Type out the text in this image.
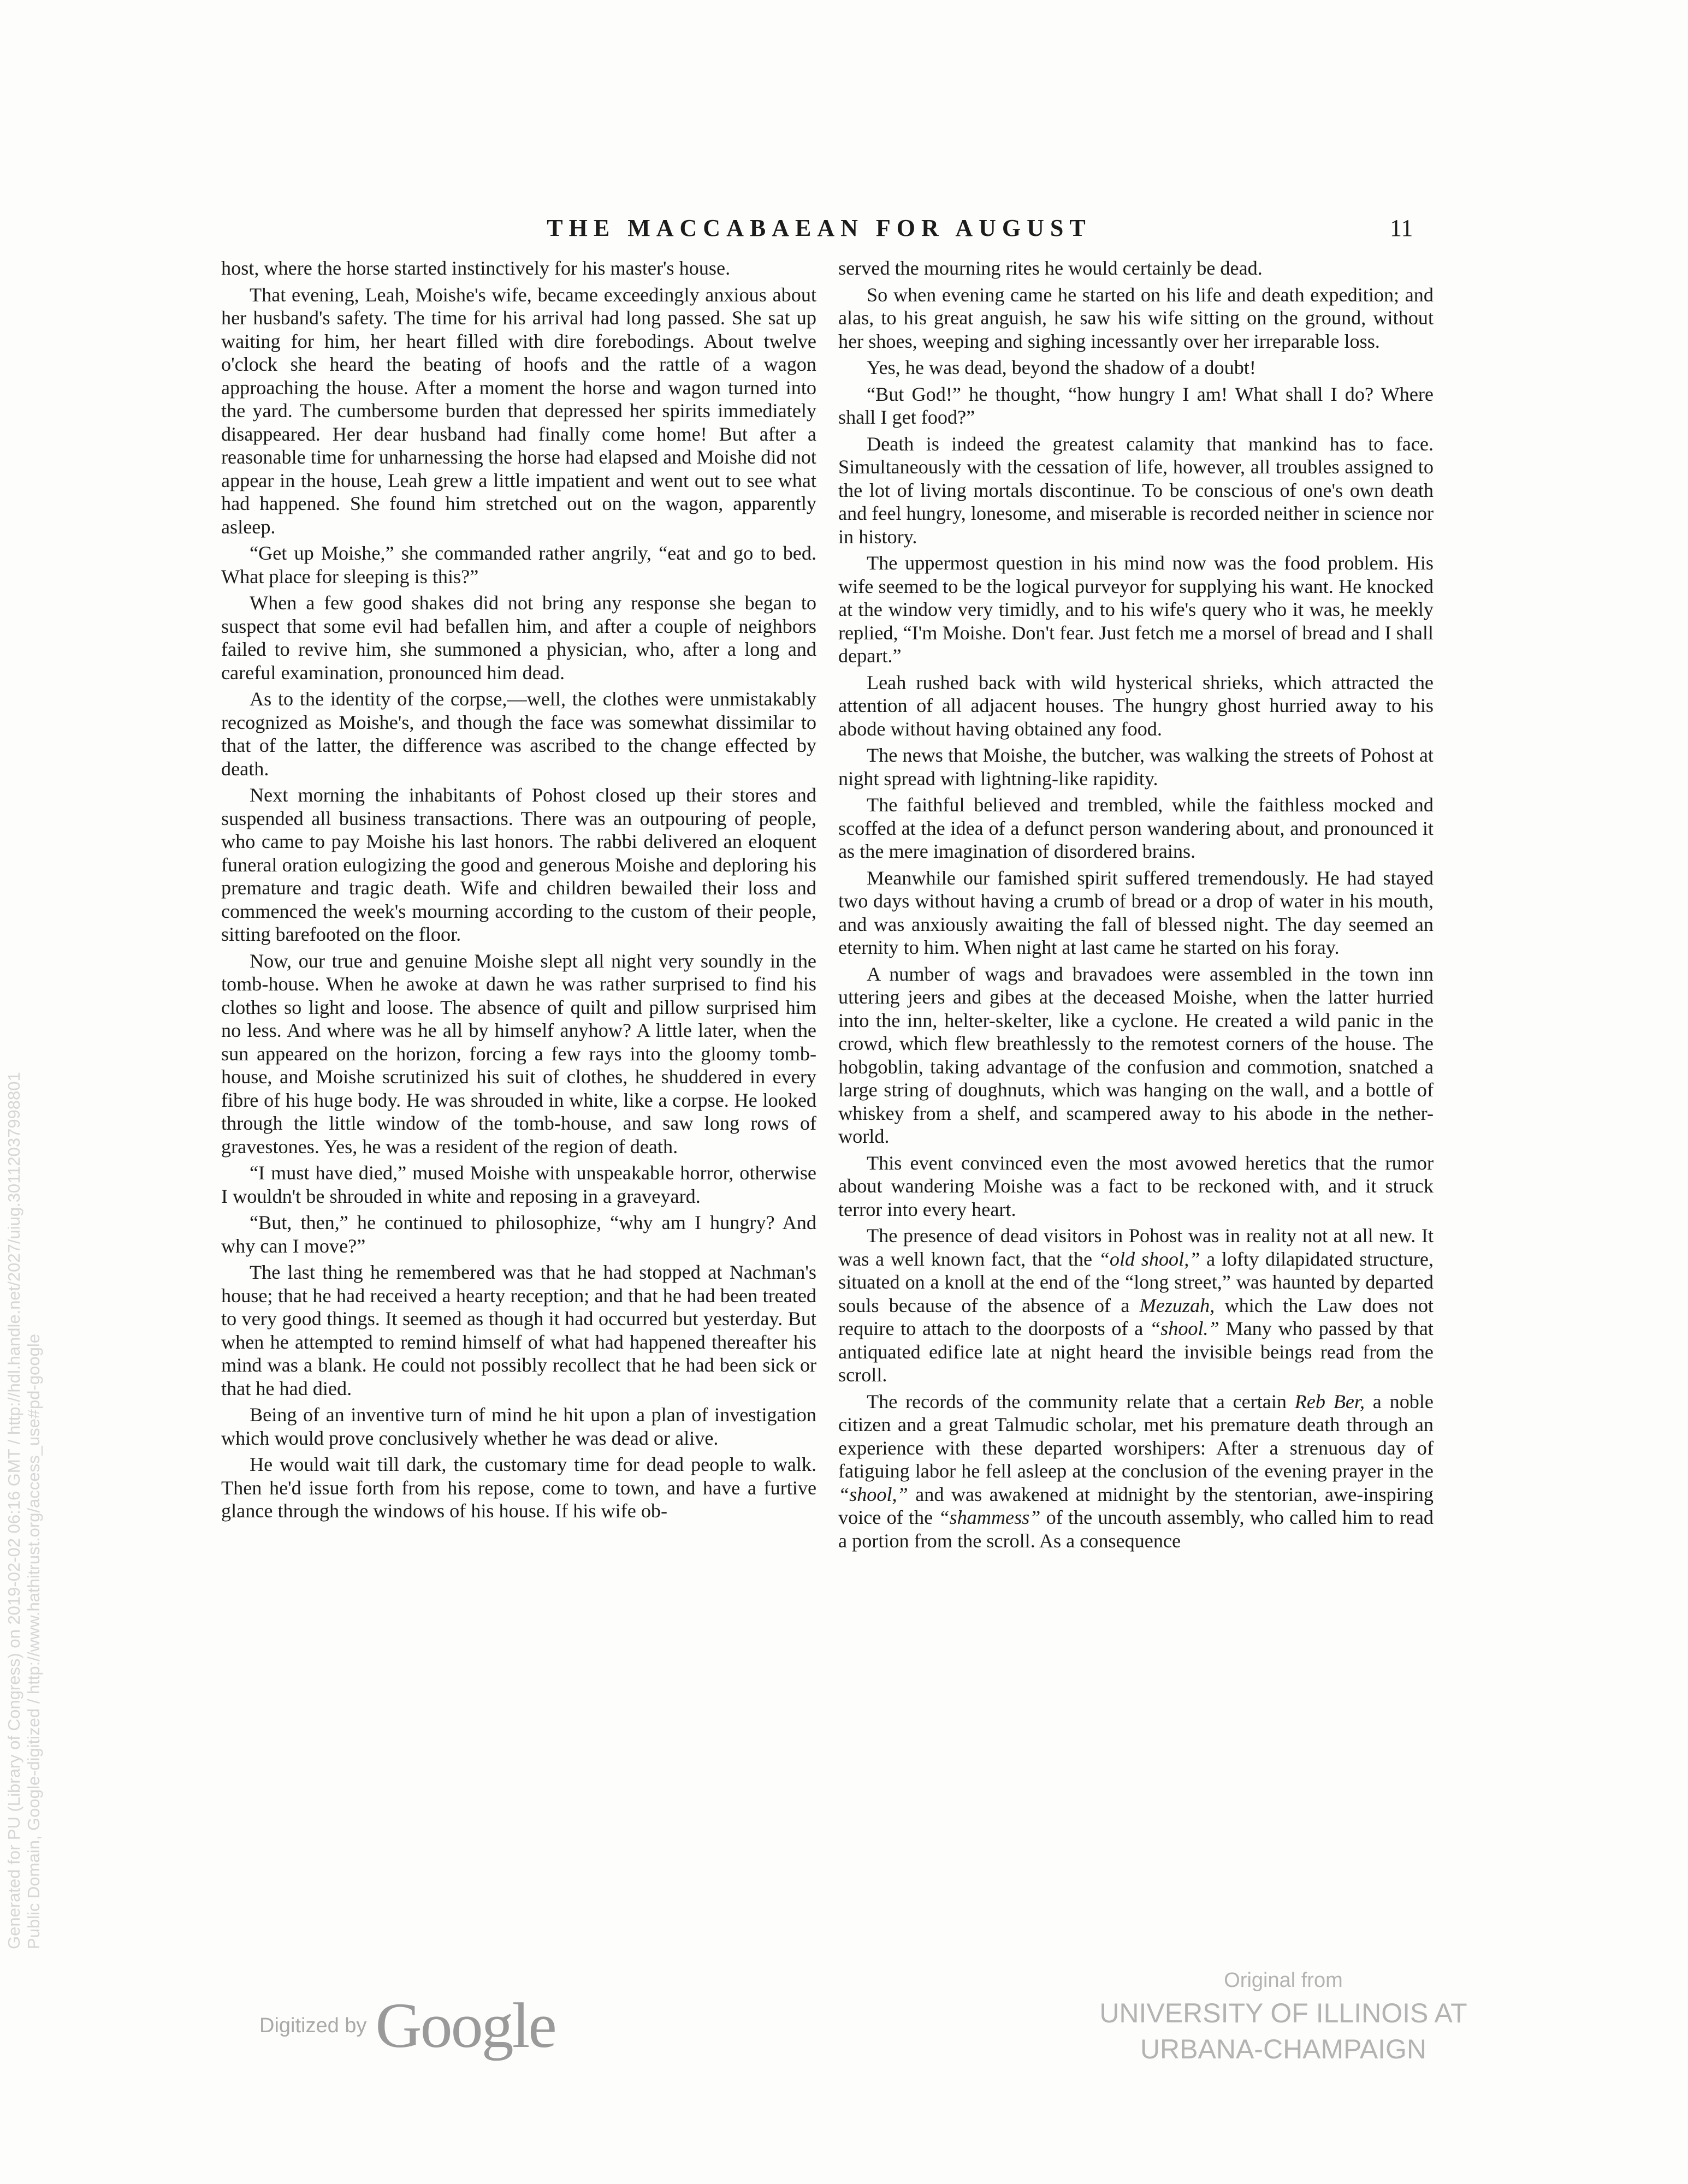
THE MACCABAEAN FOR AUGUST	11

host, where the horse started instinctively for his master's house.

That evening, Leah, Moishe's wife, became exceedingly anxious about her husband's safety. The time for his arrival had long passed. She sat up waiting for him, her heart filled with dire forebodings. About twelve o'clock she heard the beating of hoofs and the rattle of a wagon approaching the house. After a moment the horse and wagon turned into the yard. The cumbersome burden that depressed her spirits immediately disappeared. Her dear husband had finally come home! But after a reasonable time for unharnessing the horse had elapsed and Moishe did not appear in the house, Leah grew a little impatient and went out to see what had happened. She found him stretched out on the wagon, apparently asleep.

“Get up Moishe,” she commanded rather angrily, “eat and go to bed. What place for sleeping is this?”

When a few good shakes did not bring any response she began to suspect that some evil had befallen him, and after a couple of neighbors failed to revive him, she summoned a physician, who, after a long and careful examination, pronounced him dead.

As to the identity of the corpse,—well, the clothes were unmistakably recognized as Moishe's, and though the face was somewhat dissimilar to that of the latter, the difference was ascribed to the change effected by death.

Next morning the inhabitants of Pohost closed up their stores and suspended all business transactions. There was an outpouring of people, who came to pay Moishe his last honors. The rabbi delivered an eloquent funeral oration eulogizing the good and generous Moishe and deploring his premature and tragic death. Wife and children bewailed their loss and commenced the week's mourning according to the custom of their people, sitting barefooted on the floor.

Now, our true and genuine Moishe slept all night very soundly in the tomb-house. When he awoke at dawn he was rather surprised to find his clothes so light and loose. The absence of quilt and pillow surprised him no less. And where was he all by himself anyhow? A little later, when the sun appeared on the horizon, forcing a few rays into the gloomy tomb-house, and Moishe scrutinized his suit of clothes, he shuddered in every fibre of his huge body. He was shrouded in white, like a corpse. He looked through the little window of the tomb-house, and saw long rows of gravestones. Yes, he was a resident of the region of death.

“I must have died,” mused Moishe with unspeakable horror, otherwise I wouldn't be shrouded in white and reposing in a graveyard.

“But, then,” he continued to philosophize, “why am I hungry? And why can I move?”

The last thing he remembered was that he had stopped at Nachman's house; that he had received a hearty reception; and that he had been treated to very good things. It seemed as though it had occurred but yesterday. But when he attempted to remind himself of what had happened thereafter his mind was a blank. He could not possibly recollect that he had been sick or that he had died.

Being of an inventive turn of mind he hit upon a plan of investigation which would prove conclusively whether he was dead or alive.

He would wait till dark, the customary time for dead people to walk. Then he'd issue forth from his repose, come to town, and have a furtive glance through the windows of his house. If his wife ob-

served the mourning rites he would certainly be dead.

So when evening came he started on his life and death expedition; and alas, to his great anguish, he saw his wife sitting on the ground, without her shoes, weeping and sighing incessantly over her irreparable loss.

Yes, he was dead, beyond the shadow of a doubt!

“But God!” he thought, “how hungry I am! What shall I do? Where shall I get food?”

Death is indeed the greatest calamity that mankind has to face. Simultaneously with the cessation of life, however, all troubles assigned to the lot of living mortals discontinue. To be conscious of one's own death and feel hungry, lonesome, and miserable is recorded neither in science nor in history.

The uppermost question in his mind now was the food problem. His wife seemed to be the logical purveyor for supplying his want. He knocked at the window very timidly, and to his wife's query who it was, he meekly replied, “I'm Moishe. Don't fear. Just fetch me a morsel of bread and I shall depart.”

Leah rushed back with wild hysterical shrieks, which attracted the attention of all adjacent houses. The hungry ghost hurried away to his abode without having obtained any food.

The news that Moishe, the butcher, was walking the streets of Pohost at night spread with lightning-like rapidity.

The faithful believed and trembled, while the faithless mocked and scoffed at the idea of a defunct person wandering about, and pronounced it as the mere imagination of disordered brains.

Meanwhile our famished spirit suffered tremendously. He had stayed two days without having a crumb of bread or a drop of water in his mouth, and was anxiously awaiting the fall of blessed night. The day seemed an eternity to him. When night at last came he started on his foray.

A number of wags and bravadoes were assembled in the town inn uttering jeers and gibes at the deceased Moishe, when the latter hurried into the inn, helter-skelter, like a cyclone. He created a wild panic in the crowd, which flew breathlessly to the remotest corners of the house. The hobgoblin, taking advantage of the confusion and commotion, snatched a large string of doughnuts, which was hanging on the wall, and a bottle of whiskey from a shelf, and scampered away to his abode in the nether-world.

This event convinced even the most avowed heretics that the rumor about wandering Moishe was a fact to be reckoned with, and it struck terror into every heart.

The presence of dead visitors in Pohost was in reality not at all new. It was a well known fact, that the “old shool,” a lofty dilapidated structure, situated on a knoll at the end of the “long street,” was haunted by departed souls because of the absence of a Mezuzah, which the Law does not require to attach to the doorposts of a “shool.” Many who passed by that antiquated edifice late at night heard the invisible beings read from the scroll.

The records of the community relate that a certain Reb Ber, a noble citizen and a great Talmudic scholar, met his premature death through an experience with these departed worshipers: After a strenuous day of fatiguing labor he fell asleep at the conclusion of the evening prayer in the “shool,” and was awakened at midnight by the stentorian, awe-inspiring voice of the “shammess” of the uncouth assembly, who called him to read a portion from the scroll. As a consequence

Generated for PU (Library of Congress) on 2019-02-02 06:16 GMT / http://hdl.handle.net/2027/uiug.30112037998801 Public Domain, Google-digitized / http://www.hathitrust.org/access_use#pd-google
Digitized by Google
Original from
UNIVERSITY OF ILLINOIS AT
URBANA-CHAMPAIGN
